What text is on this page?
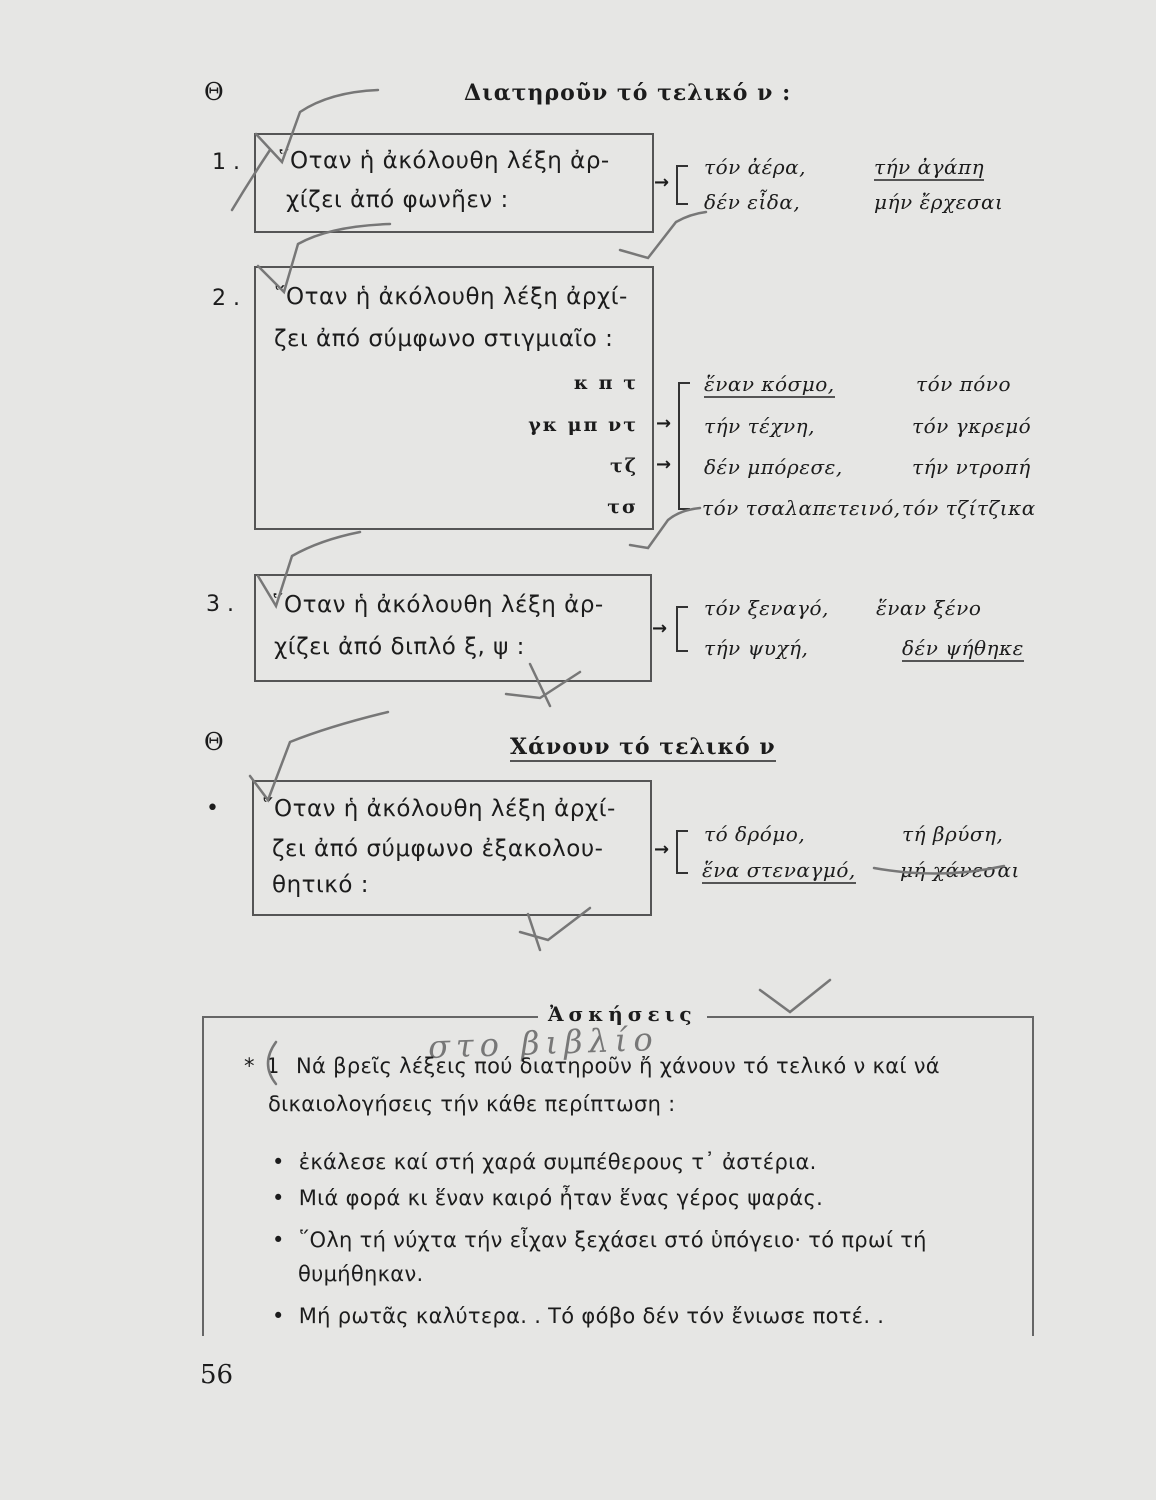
Θ	Διατηροῦν τό τελικό ν :
1 . ῞Οταν ἡ ἀκόλουθη λέξη ἀρ-
χίζει ἀπό φωνῆεν :
→
τόν ἀέρα,	τήν ἀγάπη
δέν εἶδα,	μήν ἔρχεσαι
2 . ῞Οταν ἡ ἀκόλουθη λέξη ἀρχί-
ζει ἀπό σύμφωνο στιγμιαῖο :
κ π τ
γκ μπ ντ
τζ
τσ
→
→
ἕναν κόσμο,	τόν πόνο
τήν τέχνη,	τόν γκρεμό
δέν μπόρεσε,	τήν ντροπή
τόν τσαλαπετεινό, τόν τζίτζικα
3 . ῞Οταν ἡ ἀκόλουθη λέξη ἀρ-
χίζει ἀπό διπλό ξ, ψ :
→
τόν ξεναγό, ἕναν ξένο
τήν ψυχή,	δέν ψήθηκε
Θ	Χάνουν τό τελικό ν
• ῞Οταν ἡ ἀκόλουθη λέξη ἀρχί-
ζει ἀπό σύμφωνο ἐξακολου-
θητικό :
→
τό δρόμο,	τή βρύση,
ἕνα στεναγμό, μή χάνεσαι
Ἀσκήσεις
στο βιβλίο
* 1 Νά βρεῖς λέξεις πού διατηροῦν ἤ χάνουν τό τελικό ν καί νά
δικαιολογήσεις τήν κάθε περίπτωση :
• ἐκάλεσε καί στή χαρά συμπέθερους τ᾽ ἀστέρια.
• Μιά φορά κι ἕναν καιρό ἦταν ἕνας γέρος ψαράς.
• ῞Ολη τή νύχτα τήν εἶχαν ξεχάσει στό ὑπόγειο· τό πρωί τή
θυμήθηκαν.
• Μή ρωτᾶς καλύτερα. . Τό φόβο δέν τόν ἔνιωσε ποτέ. .
56
